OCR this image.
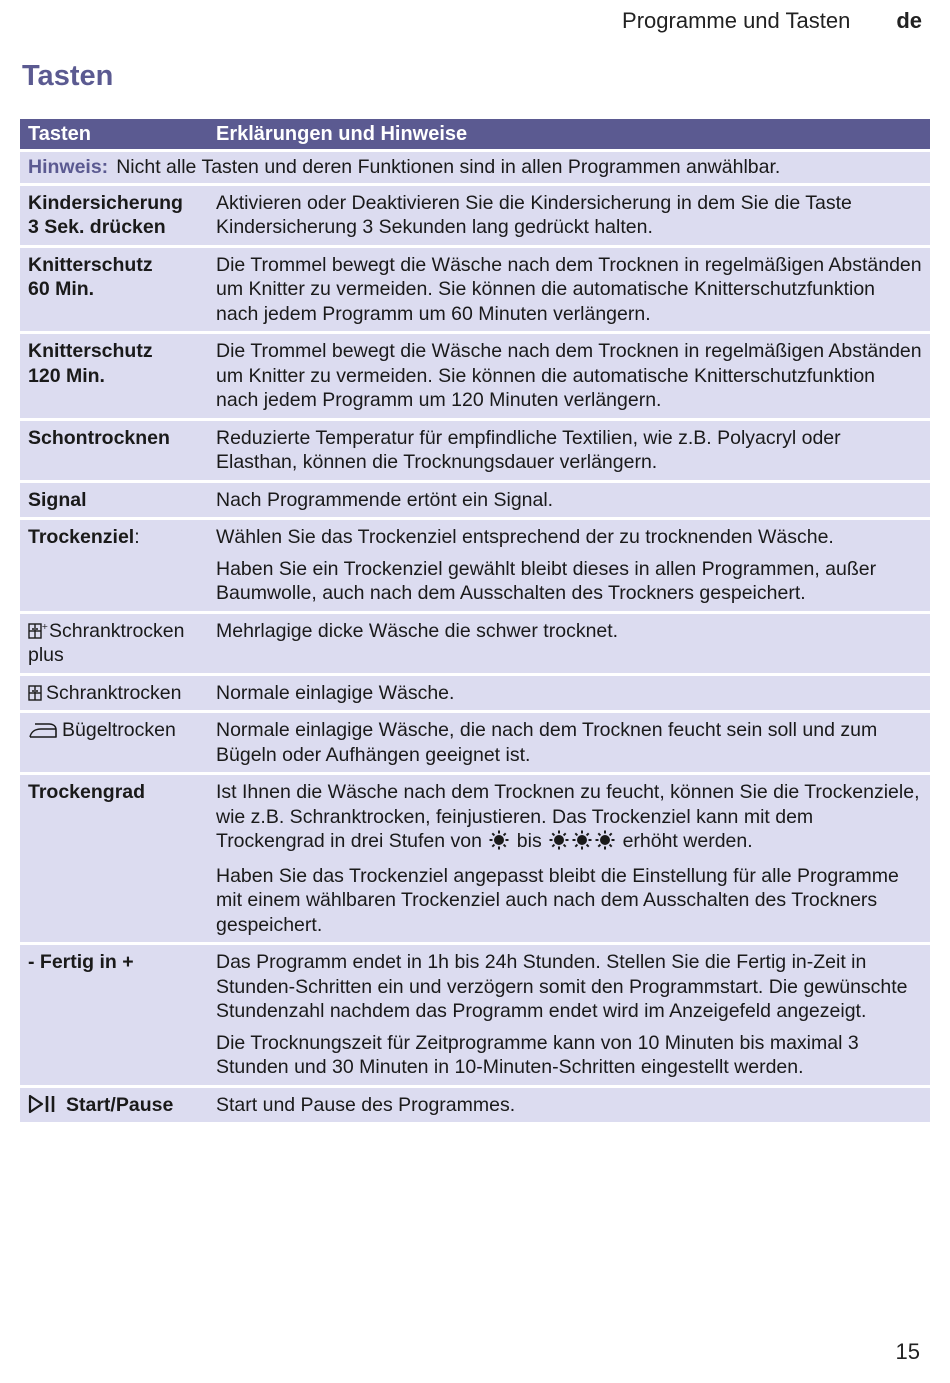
Programme und Tasten de
Tasten
Tasten	Erklärungen und Hinweise
Hinweis: Nicht alle Tasten und deren Funktionen sind in allen Programmen anwählbar.	
Kindersicherung
3 Sek. drücken	Aktivieren oder Deaktivieren Sie die Kindersicherung in dem Sie die Taste Kindersicherung 3 Sekunden lang gedrückt halten.
Knitterschutz
60 Min.	Die Trommel bewegt die Wäsche nach dem Trocknen in regelmäßigen Abständen um Knitter zu vermeiden. Sie können die automatische Knitterschutzfunktion nach jedem Programm um 60 Minuten verlängern.
Knitterschutz
120 Min.	Die Trommel bewegt die Wäsche nach dem Trocknen in regelmäßigen Abständen um Knitter zu vermeiden. Sie können die automatische Knitterschutzfunktion nach jedem Programm um 120 Minuten verlängern.
Schontrocknen	Reduzierte Temperatur für empfindliche Textilien, wie z.B. Polyacryl oder Elasthan, können die Trocknungsdauer verlängern.
Signal	Nach Programmende ertönt ein Signal.
Trockenziel:	Wählen Sie das Trockenziel entsprechend der zu trocknenden Wäsche.

Haben Sie ein Trockenziel gewählt bleibt dieses in allen Programmen, außer Baumwolle, auch nach dem Ausschalten des Trockners gespeichert.

+ Schranktrocken plus	Mehrlagige dicke Wäsche die schwer trocknet.

Schranktrocken	Normale einlagige Wäsche.

Bügeltrocken	Normale einlagige Wäsche, die nach dem Trocknen feucht sein soll und zum Bügeln oder Aufhängen geeignet ist.
Trockengrad	Ist Ihnen die Wäsche nach dem Trocknen zu feucht, können Sie die Trockenziele, wie z.B. Schranktrocken, feinjustieren. Das Trockenziel kann mit dem Trockengrad in drei Stufen von bis erhöht werden.

Haben Sie das Trockenziel angepasst bleibt die Einstellung für alle Programme mit einem wählbaren Trockenziel auch nach dem Ausschalten des Trockners gespeichert.

- Fertig in +	Das Programm endet in 1h bis 24h Stunden. Stellen Sie die Fertig in-Zeit in Stunden-Schritten ein und verzögern somit den Programmstart. Die gewünschte Stundenzahl nachdem das Programm endet wird im Anzeigefeld angezeigt.

Die Trocknungszeit für Zeitprogramme kann von 10 Minuten bis maximal 3 Stunden und 30 Minuten in 10-Minuten-Schritten eingestellt werden.

Start/Pause	Start und Pause des Programmes.
15
